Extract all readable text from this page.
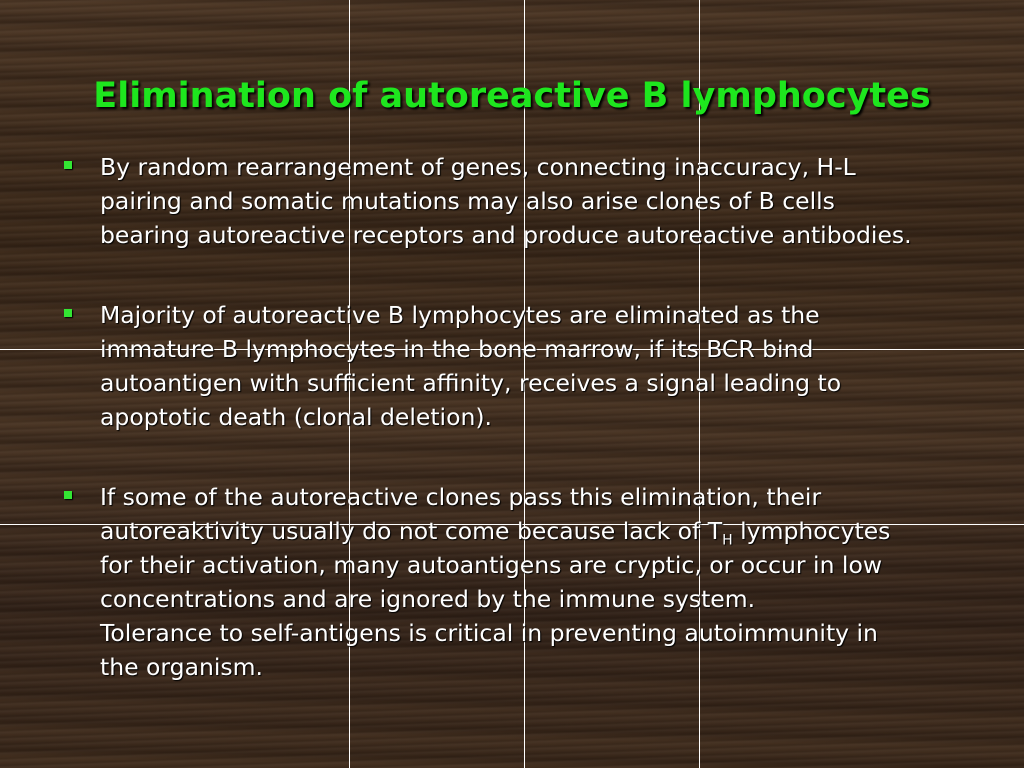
Elimination of autoreactive B lymphocytes
By random rearrangement of genes, connecting inaccuracy, H-L
pairing and somatic mutations may also arise clones of B cells
bearing autoreactive receptors and produce autoreactive antibodies.
Majority of autoreactive B lymphocytes are eliminated as the
immature B lymphocytes in the bone marrow, if its BCR bind
autoantigen with sufficient affinity, receives a signal leading to
apoptotic death (clonal deletion).
If some of the autoreactive clones pass this elimination, their
autoreaktivity usually do not come because lack of $T_H$ lymphocytes
for their activation, many autoantigens are cryptic, or occur in low
concentrations and are ignored by the immune system.
Tolerance to self-antigens is critical in preventing autoimmunity in
the organism.
